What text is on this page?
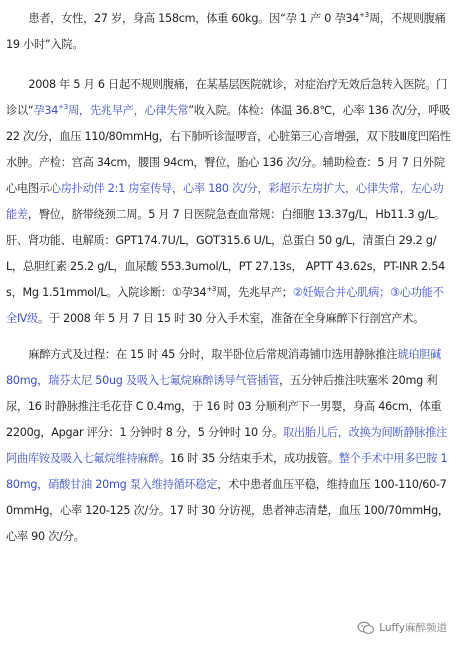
患者，女性，27 岁，身高 158cm，体重 60kg。因“孕 1 产 0 孕$34^{+3}$周，不规则腹痛 19 小时”入院。

2008 年 5 月 6 日起不规则腹痛，在某基层医院就诊，对症治疗无效后急转入医院。门诊以“孕$34^{+3}$周，先兆早产，心律失常”收入院。体检：体温 36.8℃，心率 136 次/分，呼吸 22 次/分，血压 110/80mmHg，右下肺听诊湿啰音，心脏第三心音增强，双下肢Ⅲ度凹陷性水肿。产检：宫高 34cm，腰围 94cm，臀位，胎心 136 次/分。辅助检查：5 月 7 日外院心电图示心房扑动伴 2:1 房室传导，心率 180 次/分，彩超示左房扩大，心律失常，左心功能差，臀位，脐带绕颈二周。5 月 7 日医院急查血常规：白细胞 13.37g/L，Hb11.3 g/L。肝、肾功能、电解质：GPT174.7U/L，GOT315.6 U/L，总蛋白 50 g/L，清蛋白 29.2 g/L，总胆红素 25.2 g/L，血尿酸 553.3umol/L，PT 27.13s， APTT 43.62s，PT-INR 2.54s，Mg 1.51mmol/L。入院诊断：①孕$34^{+3}$周，先兆早产；②妊娠合并心肌病；③心功能不全Ⅳ级。于 2008 年 5 月 7 日 15 时 30 分入手术室，准备在全身麻醉下行剖宫产术。

麻醉方式及过程：在 15 时 45 分时，取半卧位后常规消毒铺巾选用静脉推注琥珀胆碱 80mg，瑞芬太尼 50ug 及吸入七氟烷麻醉诱导气管插管，五分钟后推注呋塞米 20mg 利尿，16 时静脉推注毛花苷 C 0.4mg，于 16 时 03 分顺利产下一男婴，身高 46cm，体重 2200g，Apgar 评分：1 分钟时 8 分，5 分钟时 10 分。取出胎儿后，改换为间断静脉推注阿曲库铵及吸入七氟烷维持麻醉。16 时 35 分结束手术，成功拔管。整个手术中用多巴胺 180mg，硝酸甘油 20mg 泵入维持循环稳定，术中患者血压平稳，维持血压 100-110/60-70mmHg，心率 120-125 次/分。17 时 30 分访视，患者神志清楚，血压 100/70mmHg，心率 90 次/分。

Luffy麻醉频道
